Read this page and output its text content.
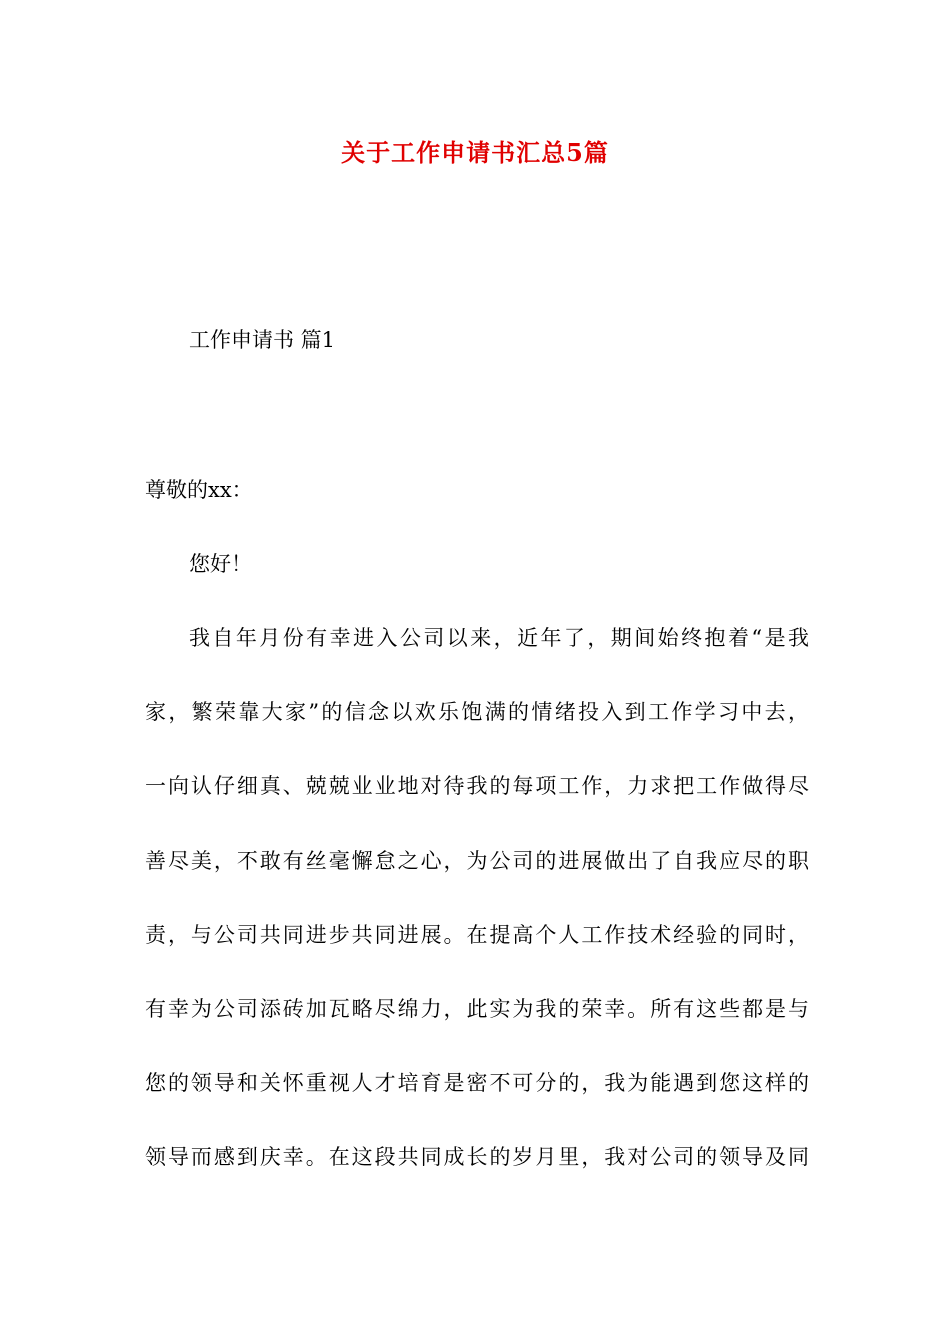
关于工作申请书汇总5篇
工作申请书 篇1
尊敬的xx：
您好！
我自年月份有幸进入公司以来，近年了，期间始终抱着“是我
家，繁荣靠大家”的信念以欢乐饱满的情绪投入到工作学习中去，
一向认仔细真、兢兢业业地对待我的每项工作，力求把工作做得尽
善尽美，不敢有丝毫懈怠之心，为公司的进展做出了自我应尽的职
责，与公司共同进步共同进展。在提高个人工作技术经验的同时，
有幸为公司添砖加瓦略尽绵力，此实为我的荣幸。所有这些都是与
您的领导和关怀重视人才培育是密不可分的，我为能遇到您这样的
领导而感到庆幸。在这段共同成长的岁月里，我对公司的领导及同
